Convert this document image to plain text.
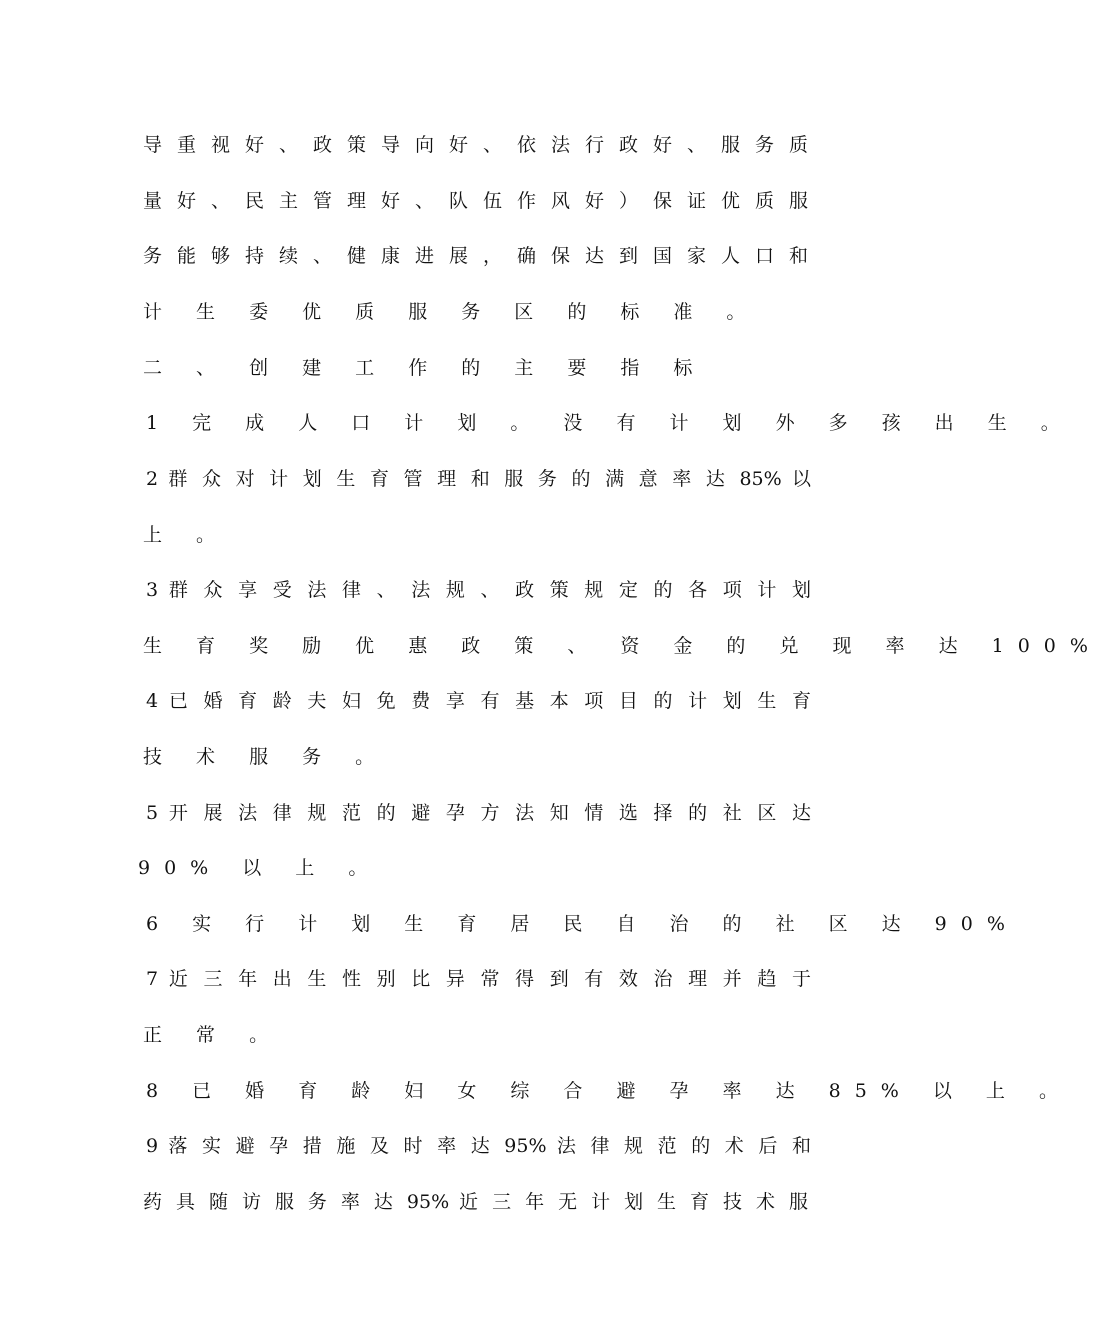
导 重 视 好 、 政 策 导 向 好 、 依 法 行 政 好 、 服 务 质
量 好 、 民 主 管 理 好 、 队 伍 作 风 好 ） 保 证 优 质 服
务 能 够 持 续 、 健 康 进 展 ， 确 保 达 到 国 家 人 口 和
计 生 委 优 质 服 务 区 的 标 准 。
二 、 创 建 工 作 的 主 要 指 标
1 完 成 人 口 计 划 。 没 有 计 划 外 多 孩 出 生 。
2 群 众 对 计 划 生 育 管 理 和 服 务 的 满 意 率 达 85% 以
上 。
3 群 众 享 受 法 律 、 法 规 、 政 策 规 定 的 各 项 计 划
生 育 奖 励 优 惠 政 策 、 资 金 的 兑 现 率 达 100%
4 已 婚 育 龄 夫 妇 免 费 享 有 基 本 项 目 的 计 划 生 育
技 术 服 务 。
5 开 展 法 律 规 范 的 避 孕 方 法 知 情 选 择 的 社 区 达
90% 以 上 。
6 实 行 计 划 生 育 居 民 自 治 的 社 区 达 90%
7 近 三 年 出 生 性 别 比 异 常 得 到 有 效 治 理 并 趋 于
正 常 。
8 已 婚 育 龄 妇 女 综 合 避 孕 率 达 85% 以 上 。
9 落 实 避 孕 措 施 及 时 率 达 95% 法 律 规 范 的 术 后 和
药 具 随 访 服 务 率 达 95% 近 三 年 无 计 划 生 育 技 术 服
